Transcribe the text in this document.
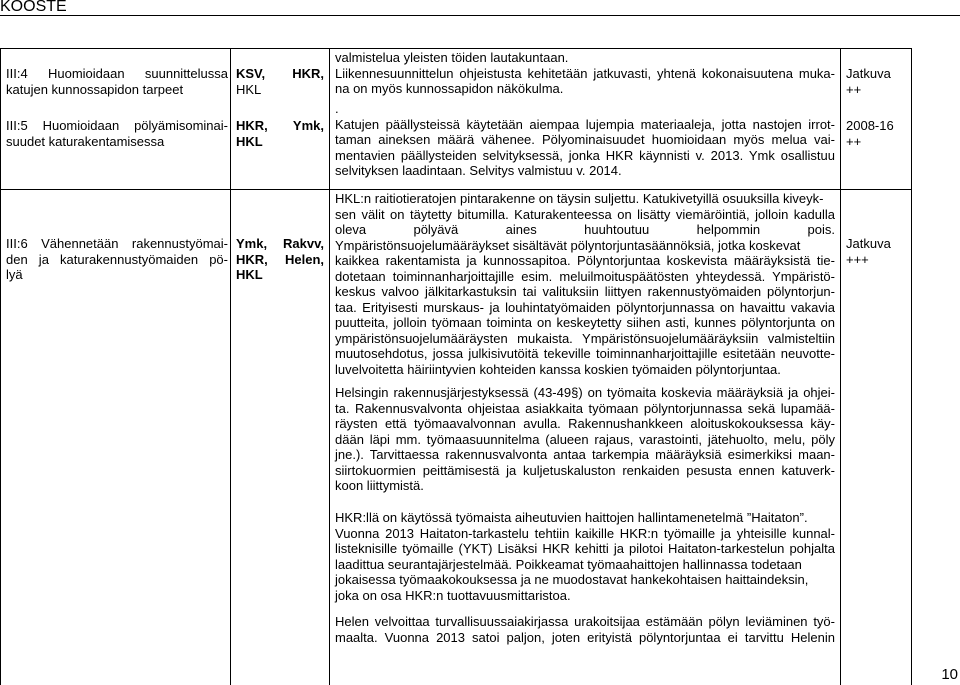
KOOSTE

III:4 Huomioidaan suunnittelussa

katujen kunnossapidon tarpeet

KSV, HKR,

HKL

valmistelua yleisten töiden lautakuntaan.

Liikennesuunnittelun ohjeistusta kehitetään jatkuvasti, yhtenä kokonaisuutena muka-

na on myös kunnossapidon näkökulma.

Jatkuva

++

III:5 Huomioidaan pölyämisominai-

suudet katurakentamisessa

HKR, Ymk,

HKL

.

Katujen päällysteissä käytetään aiempaa lujempia materiaaleja, jotta nastojen irrot-

taman aineksen määrä vähenee. Pölyominaisuudet huomioidaan myös melua vai-

mentavien päällysteiden selvityksessä, jonka HKR käynnisti v. 2013. Ymk osallistuu

selvityksen laadintaan. Selvitys valmistuu v. 2014.

2008-16

++

III:6 Vähennetään rakennustyömai-

den ja katurakennustyömaiden pö-

lyä

Ymk, Rakvv,

HKR, Helen,

HKL

HKL:n raitiotieratojen pintarakenne on täysin suljettu. Katukivetyillä osuuksilla kiveyk-

sen välit on täytetty bitumilla. Katurakenteessa on lisätty viemäröintiä, jolloin kadulla

oleva pölyävä aines huuhtoutuu helpommin pois.

Ympäristönsuojelumääräykset sisältävät pölyntorjuntasäännöksiä, jotka koskevat

kaikkea rakentamista ja kunnossapitoa. Pölyntorjuntaa koskevista määräyksistä tie-

dotetaan toiminnanharjoittajille esim. meluilmoituspäätösten yhteydessä. Ympäristö-

keskus valvoo jälkitarkastuksin tai valituksiin liittyen rakennustyömaiden pölyntorjun-

taa. Erityisesti murskaus- ja louhintatyömaiden pölyntorjunnassa on havaittu vakavia

puutteita, jolloin työmaan toiminta on keskeytetty siihen asti, kunnes pölyntorjunta on

ympäristönsuojelumääräysten mukaista. Ympäristönsuojelumääräyksiin valmisteltiin

muutosehdotus, jossa julkisivutöitä tekeville toiminnanharjoittajille esitetään neuvotte-

luvelvoitetta häiriintyvien kohteiden kanssa koskien työmaiden pölyntorjuntaa.

Jatkuva

+++

Helsingin rakennusjärjestyksessä (43-49§) on työmaita koskevia määräyksiä ja ohjei-

ta. Rakennusvalvonta ohjeistaa asiakkaita työmaan pölyntorjunnassa sekä lupamää-

räysten että työmaavalvonnan avulla. Rakennushankkeen aloituskokouksessa käy-

dään läpi mm. työmaasuunnitelma (alueen rajaus, varastointi, jätehuolto, melu, pöly

jne.). Tarvittaessa rakennusvalvonta antaa tarkempia määräyksiä esimerkiksi maan-

siirtokuormien peittämisestä ja kuljetuskaluston renkaiden pesusta ennen katuverk-

koon liittymistä.

HKR:llä on käytössä työmaista aiheutuvien haittojen hallintamenetelmä ”Haitaton”.

Vuonna 2013 Haitaton-tarkastelu tehtiin kaikille HKR:n työmaille ja yhteisille kunnal-

listeknisille työmaille (YKT) Lisäksi HKR kehitti ja pilotoi Haitaton-tarkestelun pohjalta

laadittua seurantajärjestelmää. Poikkeamat työmaahaittojen hallinnassa todetaan

jokaisessa työmaakokouksessa ja ne muodostavat hankekohtaisen haittaindeksin,

joka on osa HKR:n tuottavuusmittaristoa.

Helen velvoittaa turvallisuussaiakirjassa urakoitsijaa estämään pölyn leviäminen työ-

maalta. Vuonna 2013 satoi paljon, joten erityistä pölyntorjuntaa ei tarvittu Helenin

10
